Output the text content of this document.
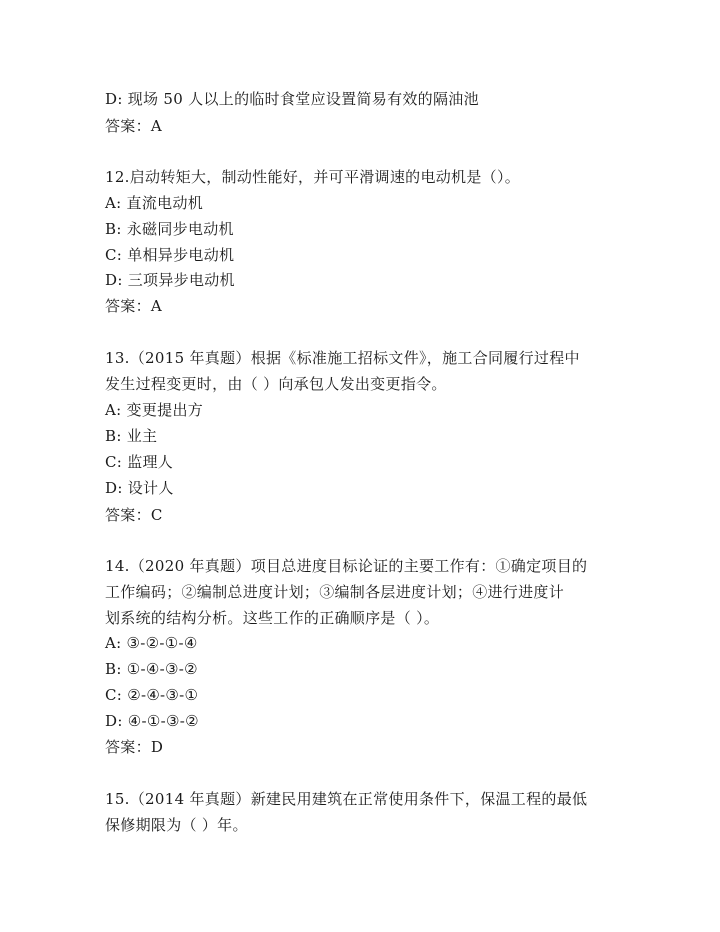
D: 现场 50 人以上的临时食堂应设置简易有效的隔油池
答案：A
12.启动转矩大，制动性能好，并可平滑调速的电动机是（）。
A: 直流电动机
B: 永磁同步电动机
C: 单相异步电动机
D: 三项异步电动机
答案：A
13.（2015 年真题）根据《标准施工招标文件》，施工合同履行过程中
发生过程变更时，由（ ）向承包人发出变更指令。
A: 变更提出方
B: 业主
C: 监理人
D: 设计人
答案：C
14.（2020 年真题）项目总进度目标论证的主要工作有：①确定项目的
工作编码；②编制总进度计划；③编制各层进度计划；④进行进度计
划系统的结构分析。这些工作的正确顺序是（ ）。
A: ③-②-①-④
B: ①-④-③-②
C: ②-④-③-①
D: ④-①-③-②
答案：D
15.（2014 年真题）新建民用建筑在正常使用条件下，保温工程的最低
保修期限为（ ）年。
